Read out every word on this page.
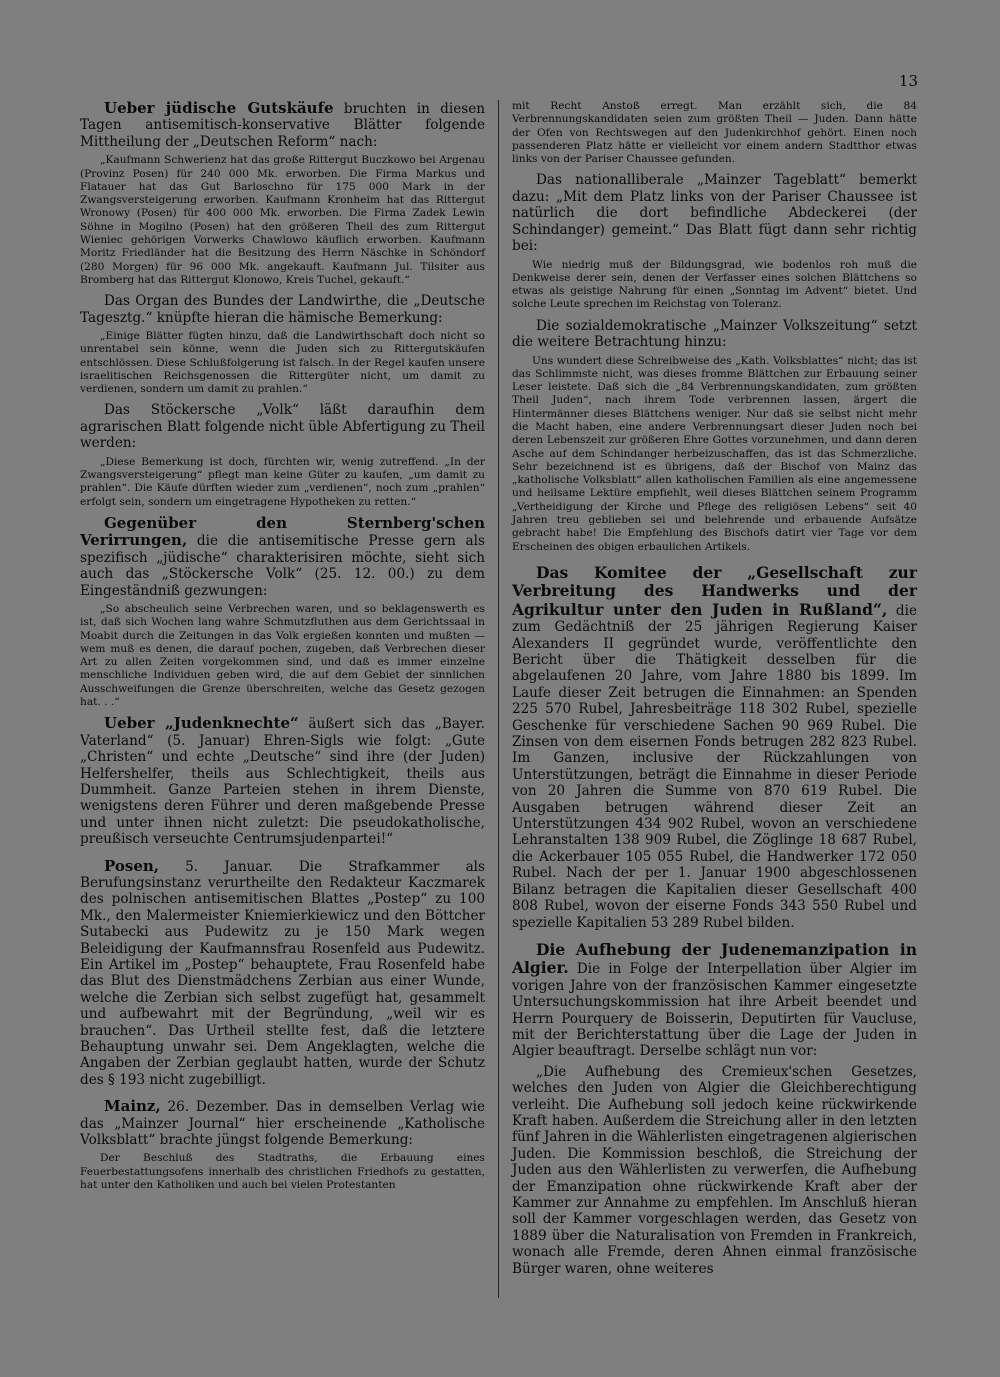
13

Ueber jüdische Gutskäufe bruchten in diesen Tagen antisemitisch-konservative Blätter folgende Mittheilung der „Deutschen Reform“ nach:

„Kaufmann Schwerienz hat das große Rittergut Buczkowo bei Argenau (Provinz Posen) für 240 000 Mk. erworben. Die Firma Markus und Flatauer hat das Gut Barloschno für 175 000 Mark in der Zwangsversteigerung erworben. Kaufmann Kronheim hat das Rittergut Wronowy (Posen) für 400 000 Mk. erworben. Die Firma Zadek Lewin Söhne in Mogilno (Posen) hat den größeren Theil des zum Rittergut Wieniec gehörigen Vorwerks Chawlowo käuflich erworben. Kaufmann Moritz Friedländer hat die Besitzung des Herrn Näschke in Schöndorf (280 Morgen) für 96 000 Mk. angekauft. Kaufmann Jul. Tilsiter aus Bromberg hat das Rittergut Klonowo, Kreis Tuchel, gekauft.“

Das Organ des Bundes der Landwirthe, die „Deutsche Tagesztg.“ knüpfte hieran die hämische Bemerkung:

„Einige Blätter fügten hinzu, daß die Landwirthschaft doch nicht so unrentabel sein könne, wenn die Juden sich zu Rittergutskäufen entschlössen. Diese Schlußfolgerung ist falsch. In der Regel kaufen unsere israelitischen Reichsgenossen die Rittergüter nicht, um damit zu verdienen, sondern um damit zu prahlen.“

Das Stöckersche „Volk“ läßt daraufhin dem agrarischen Blatt folgende nicht üble Abfertigung zu Theil werden:

„Diese Bemerkung ist doch, fürchten wir, wenig zutreffend. „In der Zwangsversteigerung“ pflegt man keine Güter zu kaufen, „um damit zu prahlen“. Die Käufe dürften wieder zum „verdienen“, noch zum „prahlen“ erfolgt sein, sondern um eingetragene Hypotheken zu retten.“

Gegenüber den Sternberg'schen Verirrungen, die die antisemitische Presse gern als spezifisch „jüdische“ charakterisiren möchte, sieht sich auch das „Stöckersche Volk“ (25. 12. 00.) zu dem Eingeständniß gezwungen:

„So abscheulich seine Verbrechen waren, und so beklagenswerth es ist, daß sich Wochen lang wahre Schmutzfluthen aus dem Gerichtssaal in Moabit durch die Zeitungen in das Volk ergießen konnten und mußten — wem muß es denen, die darauf pochen, zugeben, daß Verbrechen dieser Art zu allen Zeiten vorgekommen sind, und daß es immer einzelne menschliche Individuen geben wird, die auf dem Gebiet der sinnlichen Ausschweifungen die Grenze überschreiten, welche das Gesetz gezogen hat. . .“

Ueber „Judenknechte“ äußert sich das „Bayer. Vaterland“ (5. Januar) Ehren-Sigls wie folgt: „Gute „Christen“ und echte „Deutsche“ sind ihre (der Juden) Helfershelfer, theils aus Schlechtigkeit, theils aus Dummheit. Ganze Parteien stehen in ihrem Dienste, wenigstens deren Führer und deren maßgebende Presse und unter ihnen nicht zuletzt: Die pseudokatholische, preußisch verseuchte Centrumsjudenpartei!“

Posen, 5. Januar. Die Strafkammer als Berufungsinstanz verurtheilte den Redakteur Kaczmarek des polnischen antisemitischen Blattes „Postep“ zu 100 Mk., den Malermeister Kniemierkiewicz und den Böttcher Sutabecki aus Pudewitz zu je 150 Mark wegen Beleidigung der Kaufmannsfrau Rosenfeld aus Pudewitz. Ein Artikel im „Postep“ behauptete, Frau Rosenfeld habe das Blut des Dienstmädchens Zerbian aus einer Wunde, welche die Zerbian sich selbst zugefügt hat, gesammelt und aufbewahrt mit der Begründung, „weil wir es brauchen“. Das Urtheil stellte fest, daß die letztere Behauptung unwahr sei. Dem Angeklagten, welche die Angaben der Zerbian geglaubt hatten, wurde der Schutz des § 193 nicht zugebilligt.

Mainz, 26. Dezember. Das in demselben Verlag wie das „Mainzer Journal“ hier erscheinende „Katholische Volksblatt“ brachte jüngst folgende Bemerkung:

Der Beschluß des Stadtraths, die Erbauung eines Feuerbestattungsofens innerhalb des christlichen Friedhofs zu gestatten, hat unter den Katholiken und auch bei vielen Protestanten

mit Recht Anstoß erregt. Man erzählt sich, die 84 Verbrennungskandidaten seien zum größten Theil — Juden. Dann hätte der Ofen von Rechtswegen auf den Judenkirchhof gehört. Einen noch passenderen Platz hätte er vielleicht vor einem andern Stadtthor etwas links von der Pariser Chaussee gefunden.

Das nationalliberale „Mainzer Tageblatt“ bemerkt dazu: „Mit dem Platz links von der Pariser Chaussee ist natürlich die dort befindliche Abdeckerei (der Schindanger) gemeint.“ Das Blatt fügt dann sehr richtig bei:

Wie niedrig muß der Bildungsgrad, wie bodenlos roh muß die Denkweise derer sein, denen der Verfasser eines solchen Blättchens so etwas als geistige Nahrung für einen „Sonntag im Advent“ bietet. Und solche Leute sprechen im Reichstag von Toleranz.

Die sozialdemokratische „Mainzer Volkszeitung“ setzt die weitere Betrachtung hinzu:

Uns wundert diese Schreibweise des „Kath. Volksblattes“ nicht; das ist das Schlimmste nicht, was dieses fromme Blättchen zur Erbauung seiner Leser leistete. Daß sich die „84 Verbrennungskandidaten, zum größten Theil Juden“, nach ihrem Tode verbrennen lassen, ärgert die Hintermänner dieses Blättchens weniger. Nur daß sie selbst nicht mehr die Macht haben, eine andere Verbrennungsart dieser Juden noch bei deren Lebenszeit zur größeren Ehre Gottes vorzunehmen, und dann deren Asche auf dem Schindanger herbeizuschaffen, das ist das Schmerzliche. Sehr bezeichnend ist es übrigens, daß der Bischof von Mainz das „katholische Volksblatt“ allen katholischen Familien als eine angemessene und heilsame Lektüre empfiehlt, weil dieses Blättchen seinem Programm „Vertheidigung der Kirche und Pflege des religiösen Lebens“ seit 40 Jahren treu geblieben sei und belehrende und erbauende Aufsätze gebracht habe! Die Empfehlung des Bischofs datirt vier Tage vor dem Erscheinen des obigen erbaulichen Artikels.

Das Komitee der „Gesellschaft zur Verbreitung des Handwerks und der Agrikultur unter den Juden in Rußland“, die zum Gedächtniß der 25 jährigen Regierung Kaiser Alexanders II gegründet wurde, veröffentlichte den Bericht über die Thätigkeit desselben für die abgelaufenen 20 Jahre, vom Jahre 1880 bis 1899. Im Laufe dieser Zeit betrugen die Einnahmen: an Spenden 225 570 Rubel, Jahresbeiträge 118 302 Rubel, spezielle Geschenke für verschiedene Sachen 90 969 Rubel. Die Zinsen von dem eisernen Fonds betrugen 282 823 Rubel. Im Ganzen, inclusive der Rückzahlungen von Unterstützungen, beträgt die Einnahme in dieser Periode von 20 Jahren die Summe von 870 619 Rubel. Die Ausgaben betrugen während dieser Zeit an Unterstützungen 434 902 Rubel, wovon an verschiedene Lehranstalten 138 909 Rubel, die Zöglinge 18 687 Rubel, die Ackerbauer 105 055 Rubel, die Handwerker 172 050 Rubel. Nach der per 1. Januar 1900 abgeschlossenen Bilanz betragen die Kapitalien dieser Gesellschaft 400 808 Rubel, wovon der eiserne Fonds 343 550 Rubel und spezielle Kapitalien 53 289 Rubel bilden.

Die Aufhebung der Judenemanzipation in Algier. Die in Folge der Interpellation über Algier im vorigen Jahre von der französischen Kammer eingesetzte Untersuchungskommission hat ihre Arbeit beendet und Herrn Pourquery de Boisserin, Deputirten für Vaucluse, mit der Berichterstattung über die Lage der Juden in Algier beauftragt. Derselbe schlägt nun vor:

„Die Aufhebung des Cremieux'schen Gesetzes, welches den Juden von Algier die Gleichberechtigung verleiht. Die Aufhebung soll jedoch keine rückwirkende Kraft haben. Außerdem die Streichung aller in den letzten fünf Jahren in die Wählerlisten eingetragenen algierischen Juden. Die Kommission beschloß, die Streichung der Juden aus den Wählerlisten zu verwerfen, die Aufhebung der Emanzipation ohne rückwirkende Kraft aber der Kammer zur Annahme zu empfehlen. Im Anschluß hieran soll der Kammer vorgeschlagen werden, das Gesetz von 1889 über die Naturalisation von Fremden in Frankreich, wonach alle Fremde, deren Ahnen einmal französische Bürger waren, ohne weiteres
